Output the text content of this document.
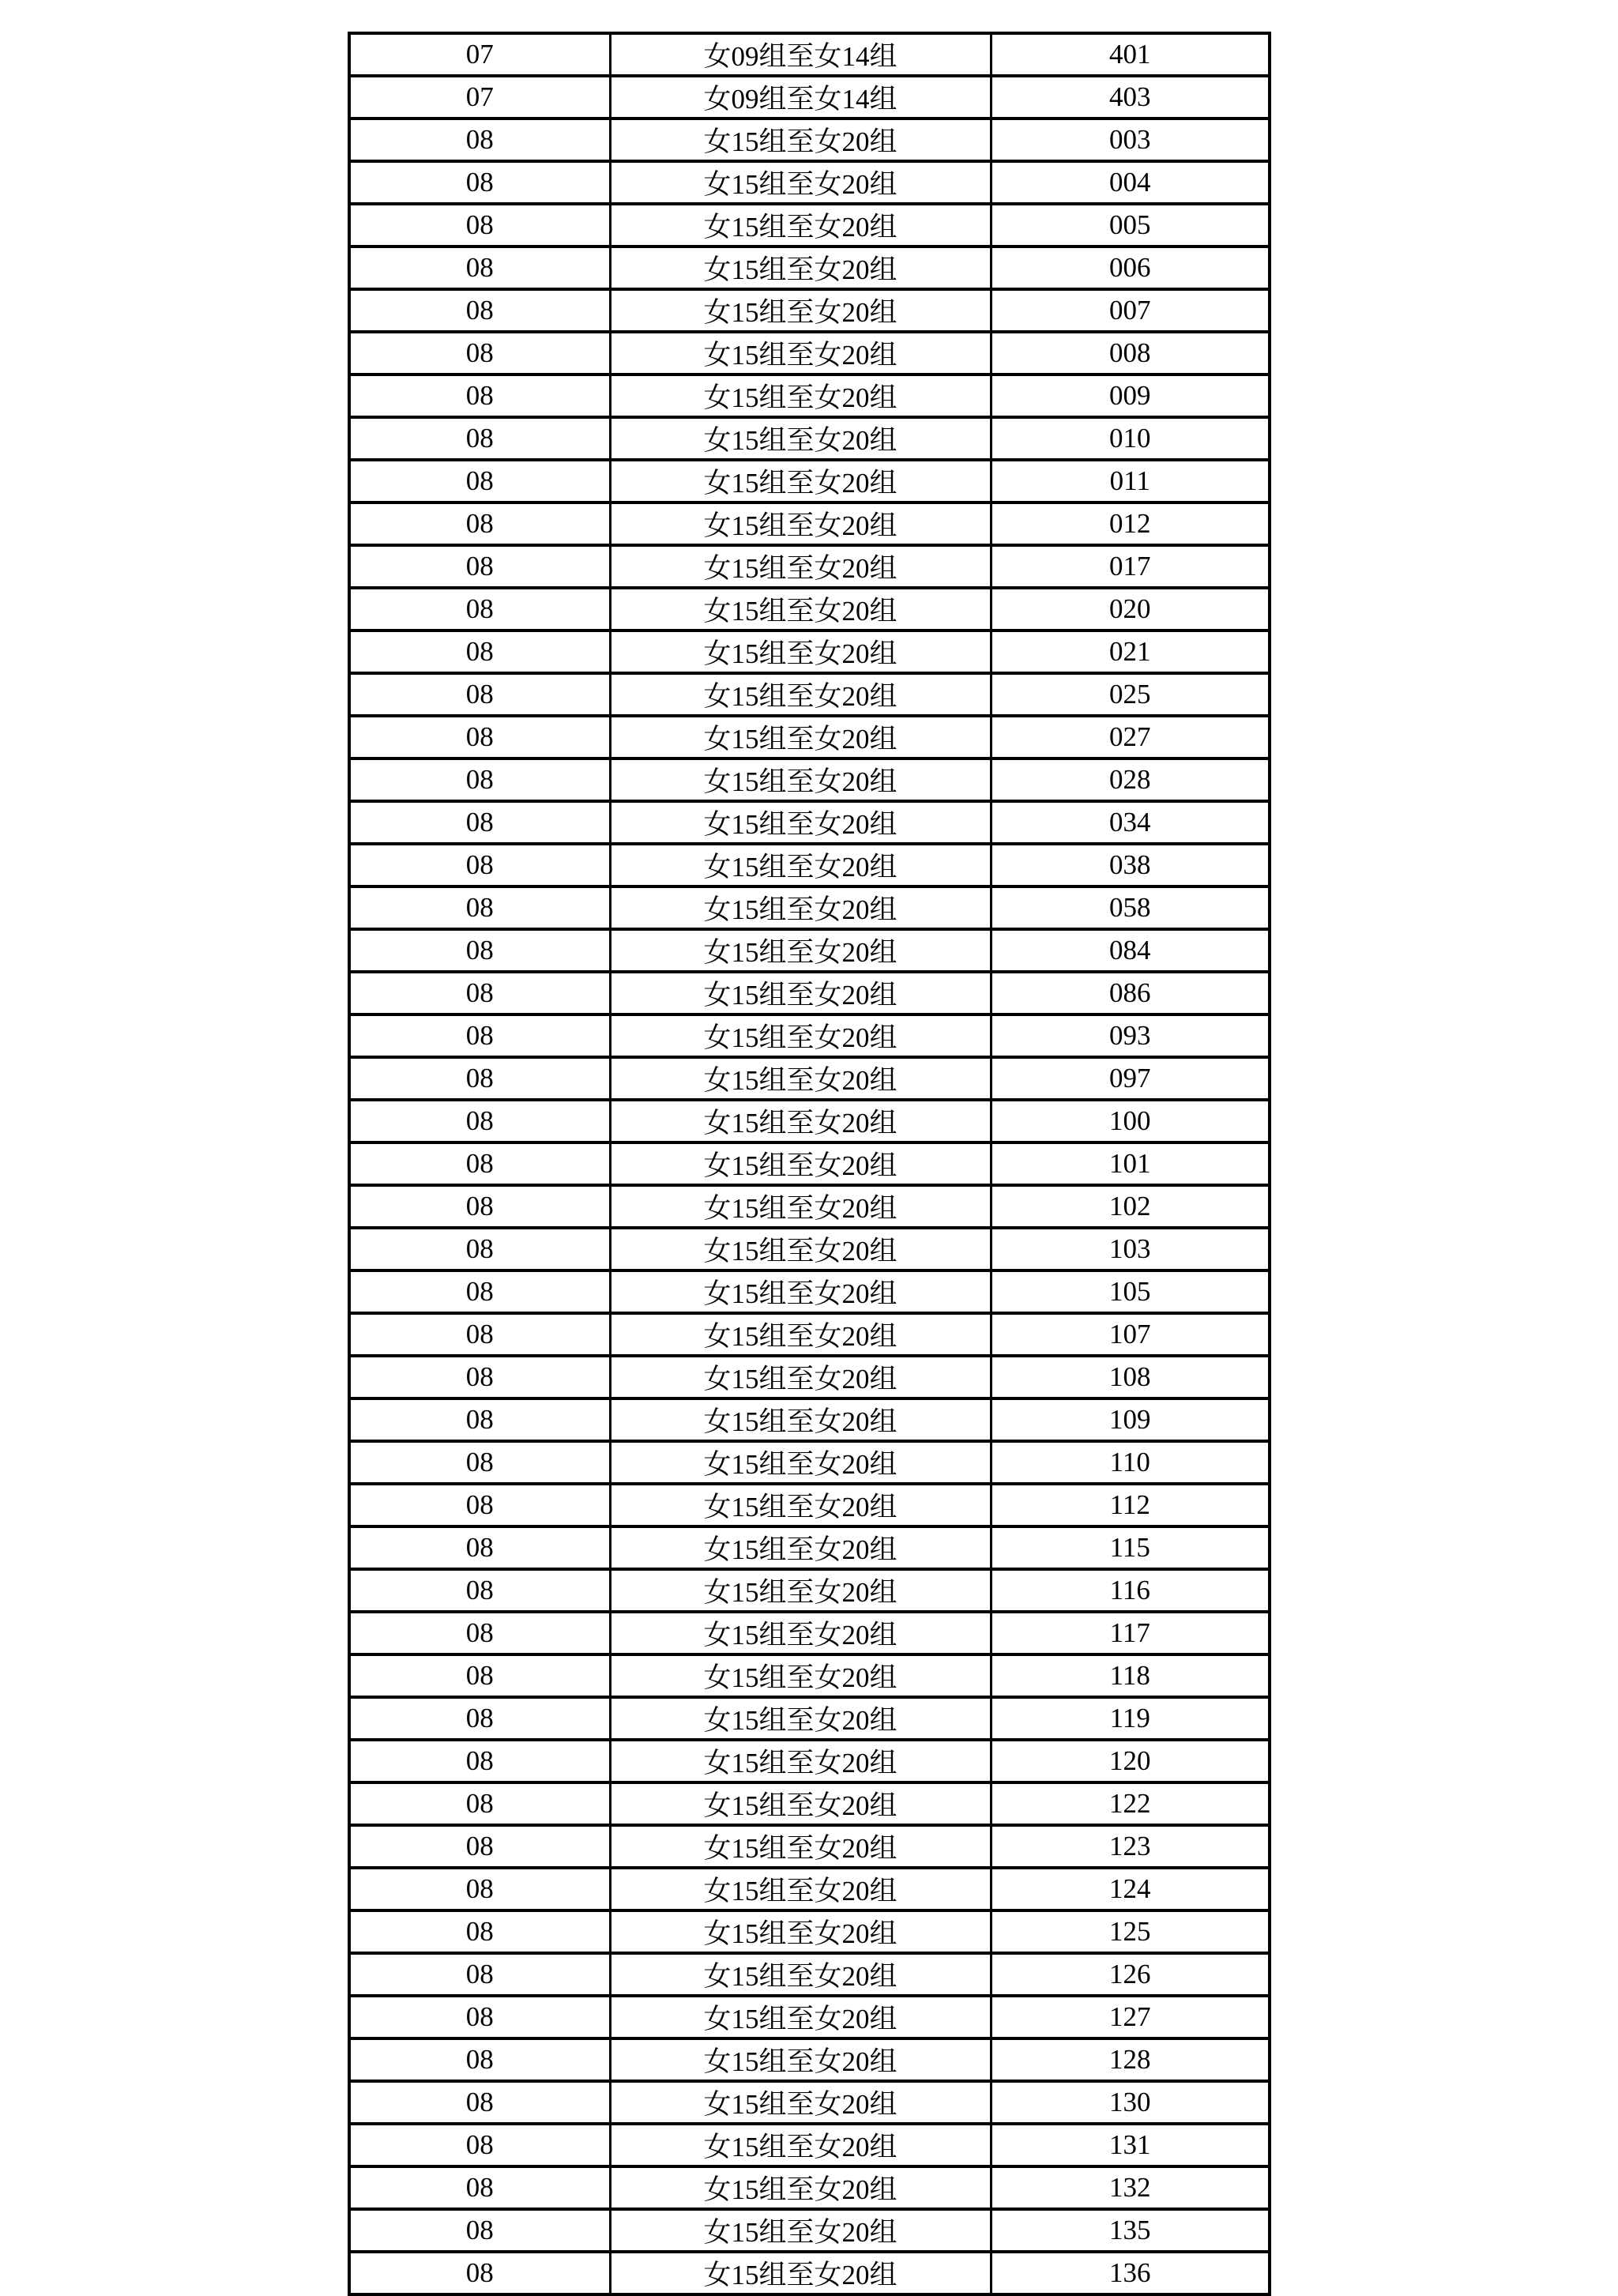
07	女09组至女14组	401
07	女09组至女14组	403
08	女15组至女20组	003
08	女15组至女20组	004
08	女15组至女20组	005
08	女15组至女20组	006
08	女15组至女20组	007
08	女15组至女20组	008
08	女15组至女20组	009
08	女15组至女20组	010
08	女15组至女20组	011
08	女15组至女20组	012
08	女15组至女20组	017
08	女15组至女20组	020
08	女15组至女20组	021
08	女15组至女20组	025
08	女15组至女20组	027
08	女15组至女20组	028
08	女15组至女20组	034
08	女15组至女20组	038
08	女15组至女20组	058
08	女15组至女20组	084
08	女15组至女20组	086
08	女15组至女20组	093
08	女15组至女20组	097
08	女15组至女20组	100
08	女15组至女20组	101
08	女15组至女20组	102
08	女15组至女20组	103
08	女15组至女20组	105
08	女15组至女20组	107
08	女15组至女20组	108
08	女15组至女20组	109
08	女15组至女20组	110
08	女15组至女20组	112
08	女15组至女20组	115
08	女15组至女20组	116
08	女15组至女20组	117
08	女15组至女20组	118
08	女15组至女20组	119
08	女15组至女20组	120
08	女15组至女20组	122
08	女15组至女20组	123
08	女15组至女20组	124
08	女15组至女20组	125
08	女15组至女20组	126
08	女15组至女20组	127
08	女15组至女20组	128
08	女15组至女20组	130
08	女15组至女20组	131
08	女15组至女20组	132
08	女15组至女20组	135
08	女15组至女20组	136
